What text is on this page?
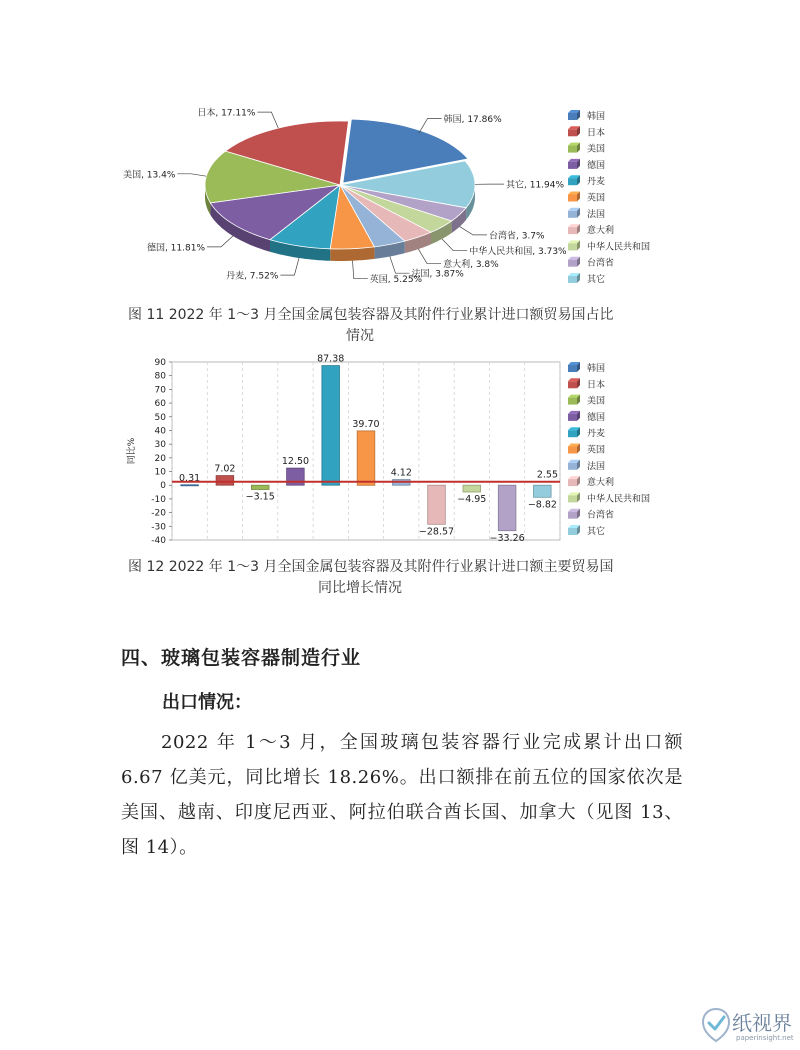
韩国, 17.86%
其它, 11.94%
台湾省, 3.7%
中华人民共和国, 3.73%
意大利, 3.8%
法国, 3.87%
英国, 5.25%
丹麦, 7.52%
德国, 11.81%
美国, 13.4%
日本, 17.11%	韩国
日本
美国
德国
丹麦
英国
法国
意大利
中华人民共和国
台湾省
其它
图 11 2022 年 1～3 月全国金属包装容器及其附件行业累计进口额贸易国占比
情况
-40
-30
-20
-10
0
10
20
30
40
50
60
70
80
90
同比%
0.31
7.02
−3.15
12.50
87.38
39.70
4.12
−28.57
−4.95
−33.26
−8.82
2.55
韩国
日本
美国
德国
丹麦
英国
法国
意大利
中华人民共和国
台湾省
其它
图 12 2022 年 1～3 月全国金属包装容器及其附件行业累计进口额主要贸易国
同比增长情况
四、玻璃包装容器制造行业
出口情况：
2022 年 1～3 月，全国玻璃包装容器行业完成累计出口额 6.67 亿美元，同比增长 18.26%。出口额排在前五位的国家依次是美国、越南、印度尼西亚、阿拉伯联合酋长国、加拿大（见图 13、图 14）。
纸视界
paperinsight.net
